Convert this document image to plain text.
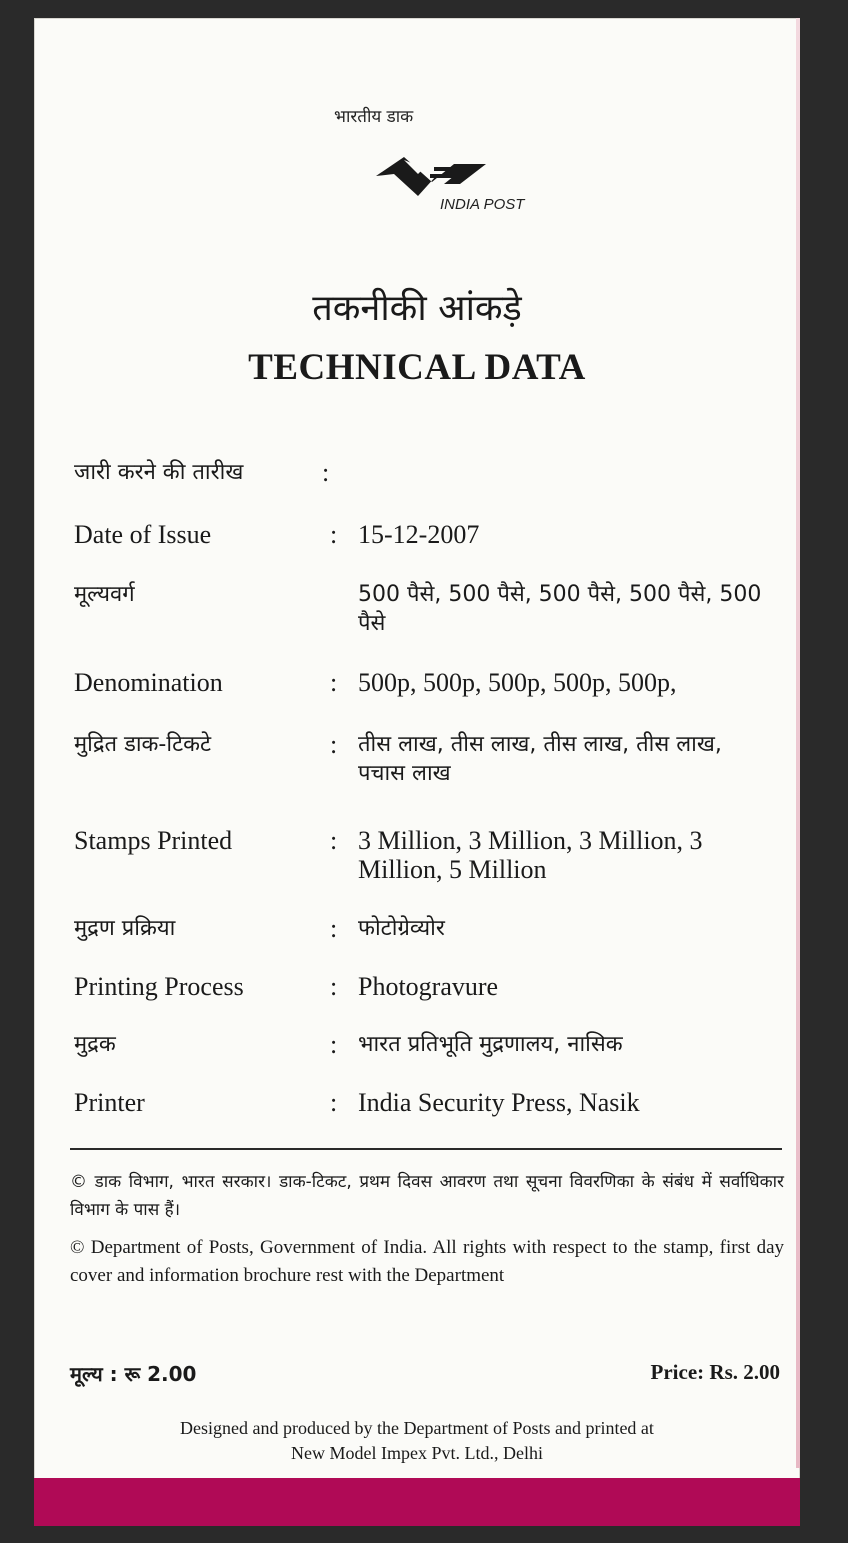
भारतीय डाक
INDIA POST
तकनीकी आंकड़े
TECHNICAL DATA
जारी करने की तारीख	:
Date of Issue	: 15-12-2007
मूल्यवर्ग	500 पैसे, 500 पैसे, 500 पैसे, 500 पैसे, 500 पैसे
Denomination	: 500p, 500p, 500p, 500p, 500p,
मुद्रित डाक-टिकटे	: तीस लाख, तीस लाख, तीस लाख, तीस लाख, पचास लाख
Stamps Printed	: 3 Million, 3 Million, 3 Million, 3 Million, 5 Million
मुद्रण प्रक्रिया	: फोटोग्रेव्योर
Printing Process	: Photogravure
मुद्रक	: भारत प्रतिभूति मुद्रणालय, नासिक
Printer	: India Security Press, Nasik
© डाक विभाग, भारत सरकार। डाक-टिकट, प्रथम दिवस आवरण तथा सूचना विवरणिका के संबंध में सर्वाधिकार विभाग के पास हैं।
© Department of Posts, Government of India. All rights with respect to the stamp, first day cover and information brochure rest with the Department
मूल्य : रू 2.00	Price: Rs. 2.00
Designed and produced by the Department of Posts and printed at
New Model Impex Pvt. Ltd., Delhi
